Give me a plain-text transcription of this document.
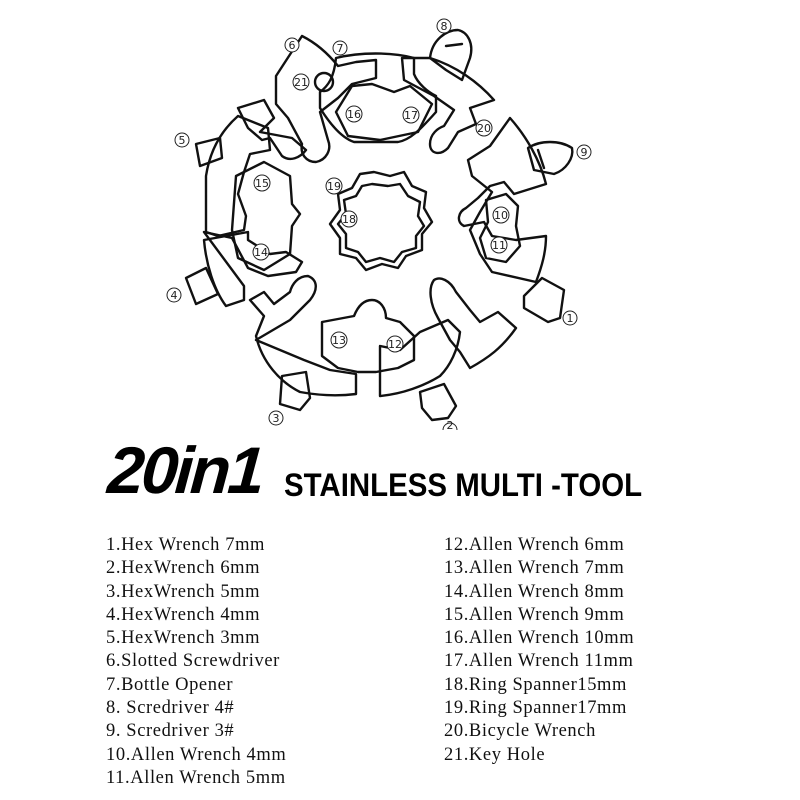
1
2
3
4
5
6	7
8
9
10
11
12
13
14
15
16	17
18
19
20
21
20in1 STAINLESS MULTI -TOOL
1.Hex Wrench 7mm
2.HexWrench 6mm
3.HexWrench 5mm
4.HexWrench 4mm
5.HexWrench 3mm
6.Slotted Screwdriver
7.Bottle Opener
8. Scredriver 4#
9. Scredriver 3#
10.Allen Wrench 4mm
11.Allen Wrench 5mm
12.Allen Wrench 6mm
13.Allen Wrench 7mm
14.Allen Wrench 8mm
15.Allen Wrench 9mm
16.Allen Wrench 10mm
17.Allen Wrench 11mm
18.Ring Spanner15mm
19.Ring Spanner17mm
20.Bicycle Wrench
21.Key Hole
